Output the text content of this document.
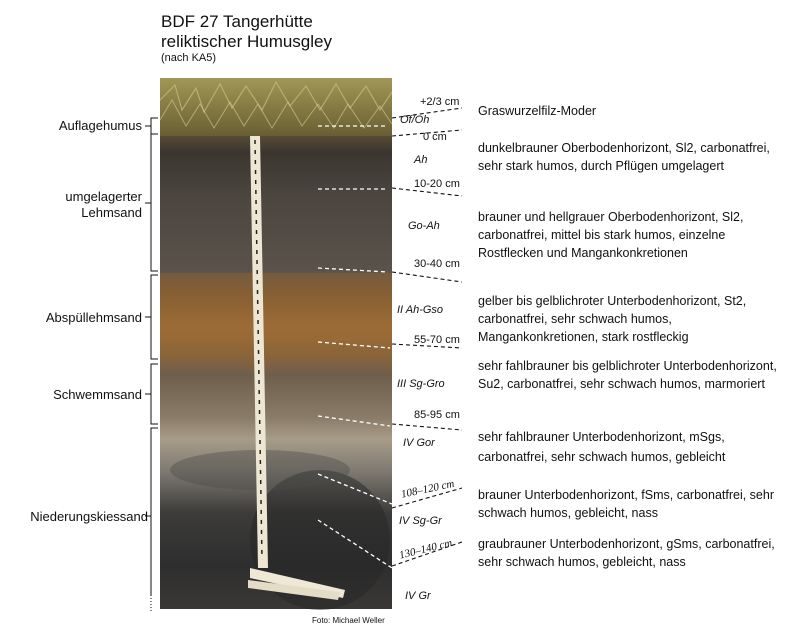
BDF 27 Tangerhütte
reliktischer Humusgley
(nach KA5)
Auflagehumus
umgelagerter Lehmsand
Abspüllehmsand
Schwemmsand
Niederungskiessand
Of/Oh
Ah
Go-Ah
II Ah-Gso
III Sg-Gro
IV Gor
IV Sg-Gr
IV Gr
+2/3 cm
0 cm
10-20 cm
30-40 cm
55-70 cm
85-95 cm
108–120 cm
130–140 cm
Graswurzelfilz-Moder
dunkelbrauner Oberbodenhorizont, Sl2, carbonatfrei,
sehr stark humos, durch Pflügen umgelagert
brauner und hellgrauer Oberbodenhorizont, Sl2,
carbonatfrei, mittel bis stark humos, einzelne
Rostflecken und Mangankonkretionen
gelber bis gelblichroter Unterbodenhorizont, St2,
carbonatfrei, sehr schwach humos,
Mangankonkretionen, stark rostfleckig
sehr fahlbrauner bis gelblichroter Unterbodenhorizont,
Su2, carbonatfrei, sehr schwach humos, marmoriert
sehr fahlbrauner Unterbodenhorizont, mSgs,
carbonatfrei, sehr schwach humos, gebleicht
brauner Unterbodenhorizont, fSms, carbonatfrei, sehr
schwach humos, gebleicht, nass
graubrauner Unterbodenhorizont, gSms, carbonatfrei,
sehr schwach humos, gebleicht, nass
Foto: Michael Weller
